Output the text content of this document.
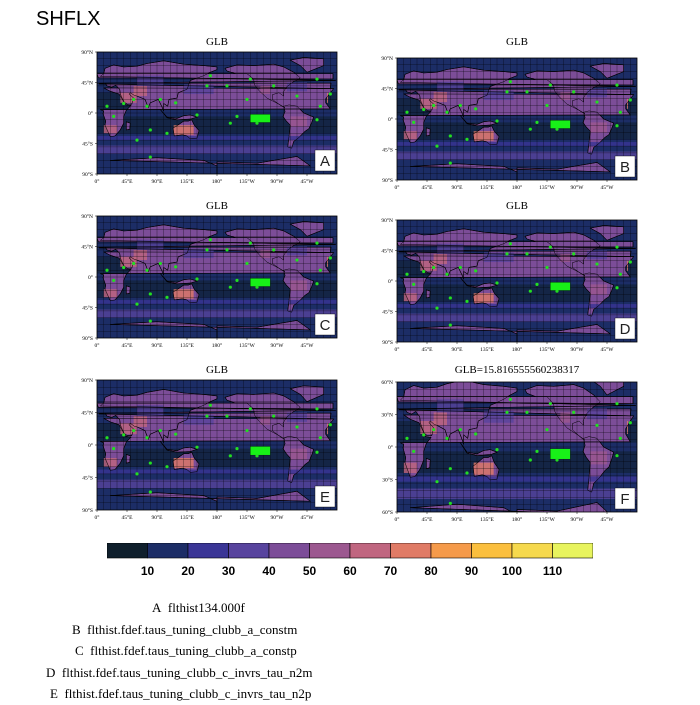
SHFLX
GLB
A
90°N
45°N
0°
45°S
90°S
0°	45°E	90°E	135°E	180°	135°W	90°W	45°W
GLB
B
90°N
45°N
0°
45°S
90°S
0°	45°E	90°E	135°E	180°	135°W	90°W	45°W
GLB
C
90°N
45°N
0°
45°S
90°S
0°	45°E	90°E	135°E	180°	135°W	90°W	45°W
GLB
D
90°N
45°N
0°
45°S
90°S
0°	45°E	90°E	135°E	180°	135°W	90°W	45°W
GLB
E
90°N
45°N
0°
45°S
90°S
0°	45°E	90°E	135°E	180°	135°W	90°W	45°W
GLB=15.816555560238317
F
60°N
30°N
0°
30°S
60°S
0°	45°E	90°E	135°E	180°	135°W	90°W	45°W
10 20 30 40 50 60 70 80 90 100 110
A flthist134.000f
B flthist.fdef.taus_tuning_clubb_a_constm
C flthist.fdef.taus_tuning_clubb_a_constp
D flthist.fdef.taus_tuning_clubb_c_invrs_tau_n2m
E flthist.fdef.taus_tuning_clubb_c_invrs_tau_n2p
